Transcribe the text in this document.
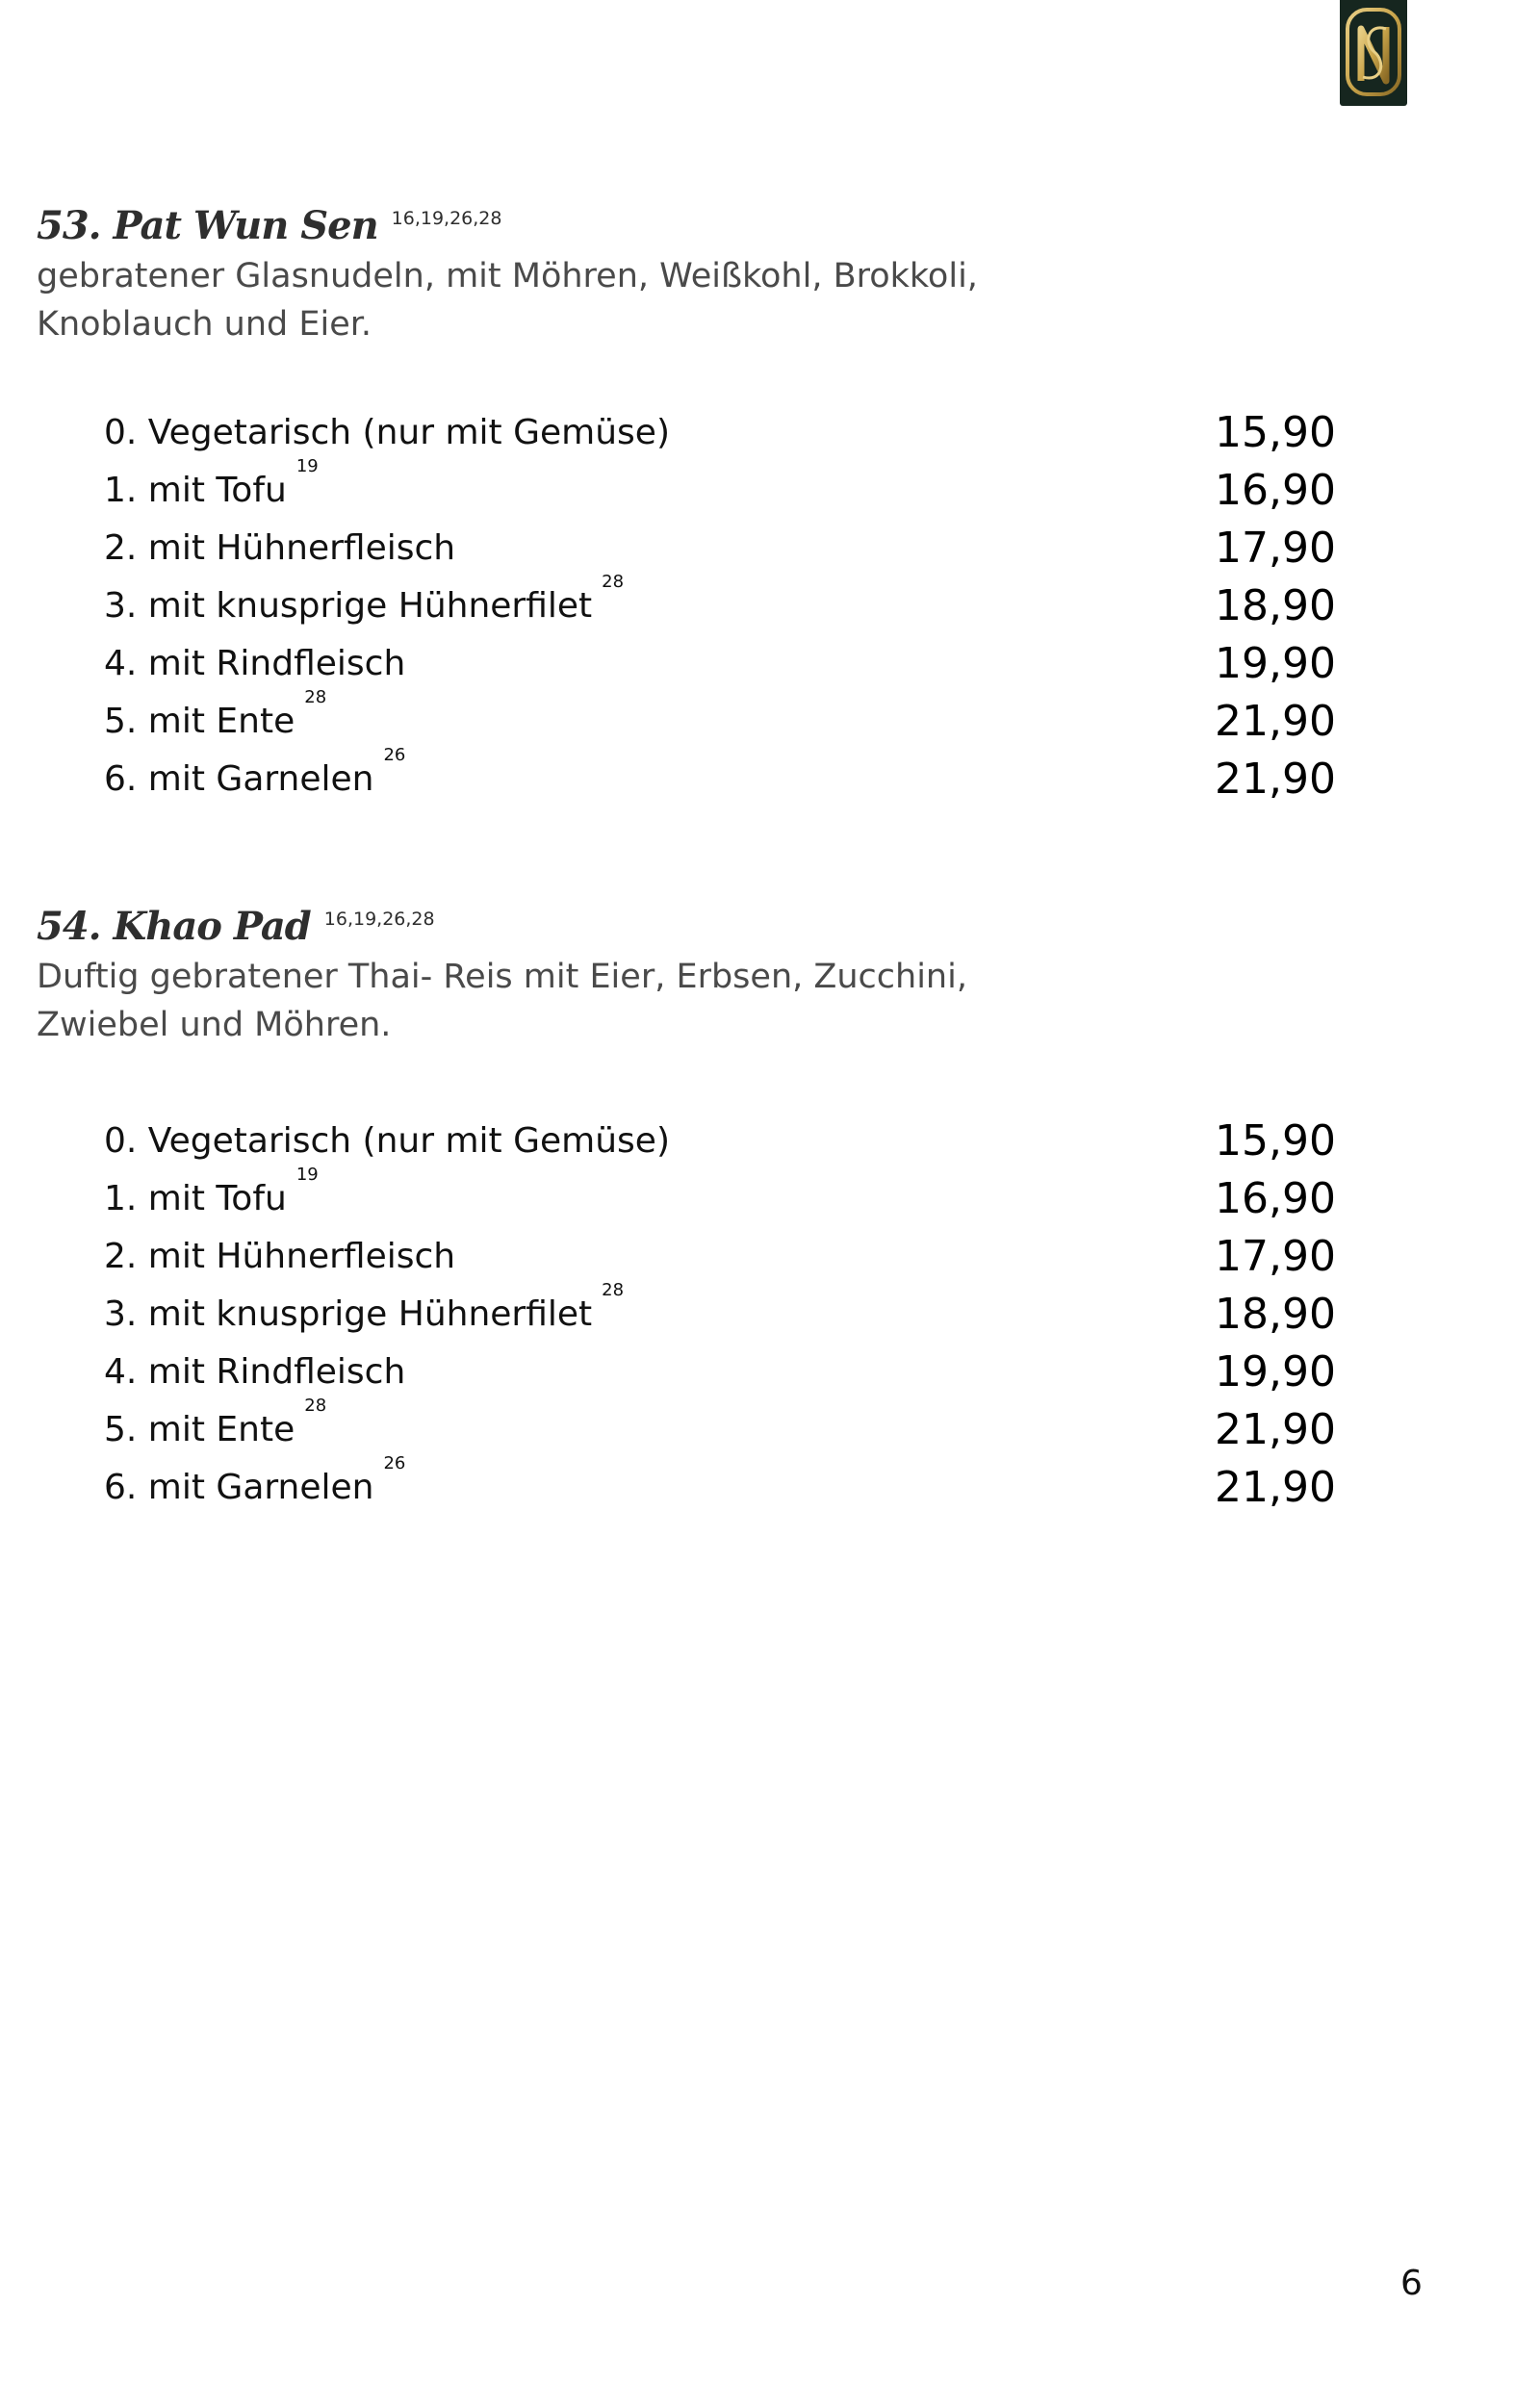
53. Pat Wun Sen $^{16,19,26,28}$
gebratener Glasnudeln, mit Möhren, Weißkohl, Brokkoli,
Knoblauch und Eier.
0. Vegetarisch (nur mit Gemüse)	15,90
1. mit Tofu$^{19}$	16,90
2. mit Hühnerfleisch	17,90
3. mit knusprige Hühnerfilet$^{28}$	18,90
4. mit Rindfleisch	19,90
5. mit Ente$^{28}$	21,90
6. mit Garnelen$^{26}$	21,90
54. Khao Pad $^{16,19,26,28}$
Duftig gebratener Thai- Reis mit Eier, Erbsen, Zucchini,
Zwiebel und Möhren.
0. Vegetarisch (nur mit Gemüse)	15,90
1. mit Tofu$^{19}$	16,90
2. mit Hühnerfleisch	17,90
3. mit knusprige Hühnerfilet$^{28}$	18,90
4. mit Rindfleisch	19,90
5. mit Ente$^{28}$	21,90
6. mit Garnelen$^{26}$	21,90
6
